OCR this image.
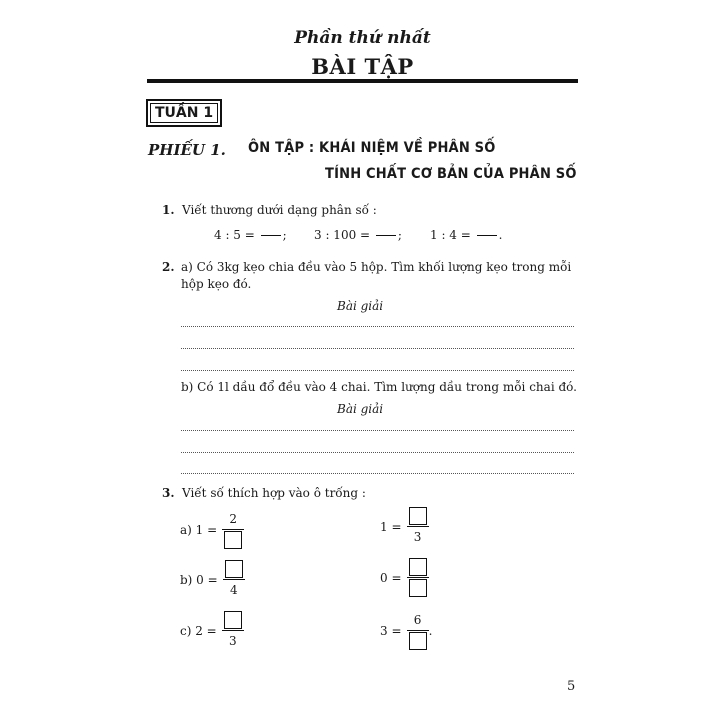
Phần thứ nhất
BÀI TẬP
TUẦN 1
PHIẾU 1. ÔN TẬP : KHÁI NIỆM VỀ PHÂN SỐ
TÍNH CHẤT CƠ BẢN CỦA PHÂN SỐ
1. Viết thương dưới dạng phân số :
4 : 5 = ; 3 : 100 = ; 1 : 4 = .
2. a) Có 3kg kẹo chia đều vào 5 hộp. Tìm khối lượng kẹo trong mỗi
hộp kẹo đó.
Bài giải
b) Có 1l dầu đổ đều vào 4 chai. Tìm lượng dầu trong mỗi chai đó.
Bài giải
3. Viết số thích hợp vào ô trống :
a) 1 =

2
b) 0 =

4
c) 2 =

3
1 =

3
0 =

3 =

6
.
5
